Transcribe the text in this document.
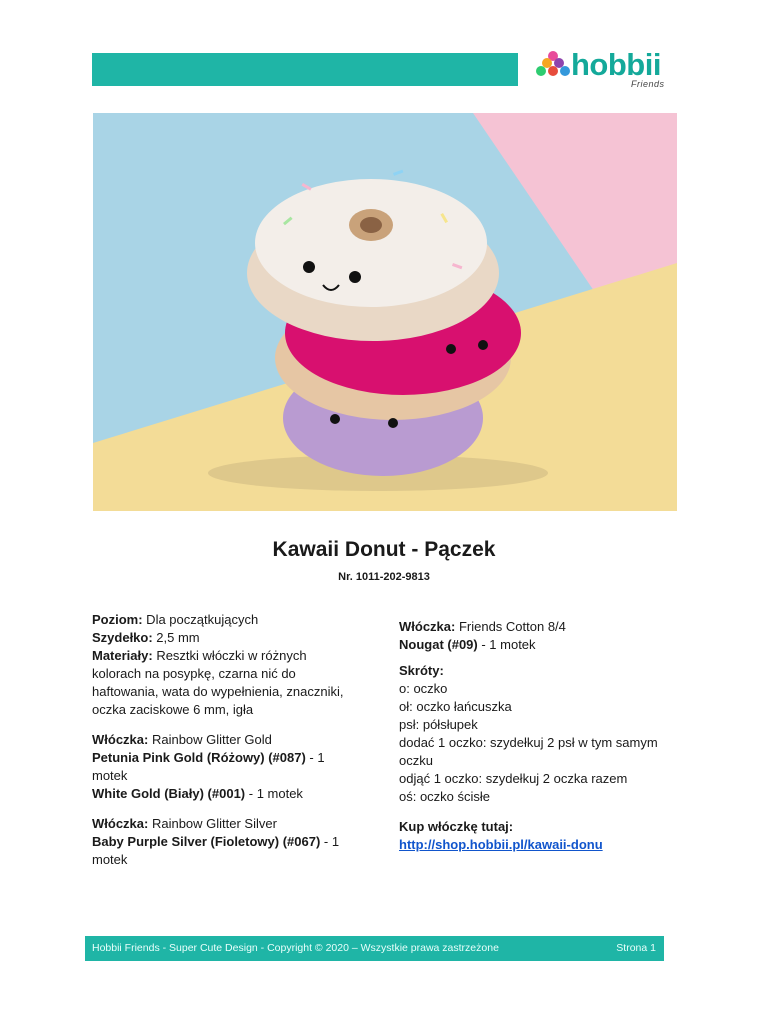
hobbii
Friends
Kawaii Donut - Pączek
Nr. 1011-202-9813

Poziom: Dla początkujących

Szydełko: 2,5 mm

Materiały: Resztki włóczki w różnych kolorach na posypkę, czarna nić do haftowania, wata do wypełnienia, znaczniki, oczka zaciskowe 6 mm, igła

Włóczka: Rainbow Glitter Gold

Petunia Pink Gold (Różowy) (#087) - 1 motek

White Gold (Biały) (#001) - 1 motek

Włóczka: Rainbow Glitter Silver

Baby Purple Silver (Fioletowy) (#067) - 1 motek

Włóczka: Friends Cotton 8/4

Nougat (#09) - 1 motek

Skróty:

o: oczko

oł: oczko łańcuszka

psł: półsłupek

dodać 1 oczko: szydełkuj 2 psł w tym samym oczku

odjąć 1 oczko: szydełkuj 2 oczka razem

oś: oczko ścisłe

Kup włóczkę tutaj:

http://shop.hobbii.pl/kawaii-donu

Hobbii Friends - Super Cute Design - Copyright © 2020 – Wszystkie prawa zastrzeżone	Strona 1
